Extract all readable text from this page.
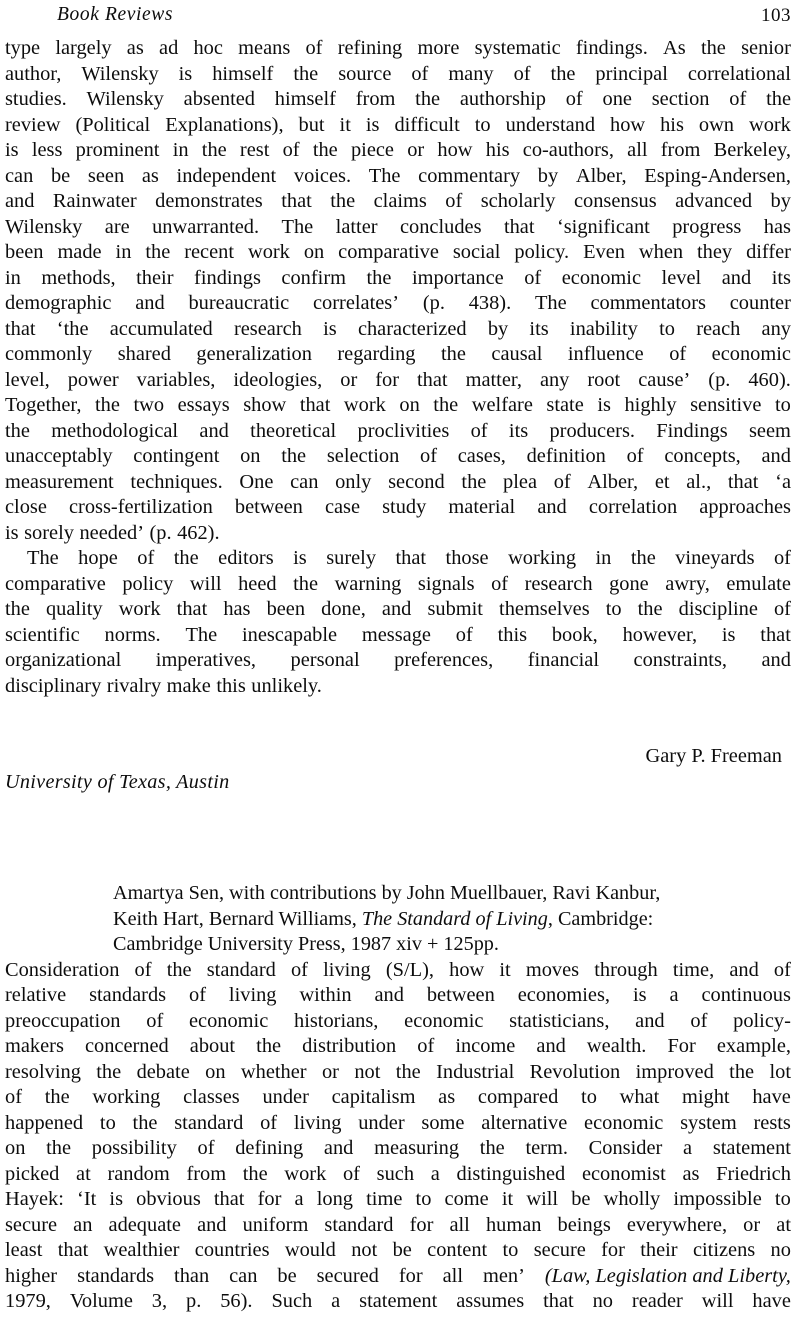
Book Reviews	103
type largely as ad hoc means of refining more systematic findings. As the senior
author, Wilensky is himself the source of many of the principal correlational
studies. Wilensky absented himself from the authorship of one section of the
review (Political Explanations), but it is difficult to understand how his own work
is less prominent in the rest of the piece or how his co-authors, all from Berkeley,
can be seen as independent voices. The commentary by Alber, Esping-Andersen,
and Rainwater demonstrates that the claims of scholarly consensus advanced by
Wilensky are unwarranted. The latter concludes that ‘significant progress has
been made in the recent work on comparative social policy. Even when they differ
in methods, their findings confirm the importance of economic level and its
demographic and bureaucratic correlates’ (p. 438). The commentators counter
that ‘the accumulated research is characterized by its inability to reach any
commonly shared generalization regarding the causal influence of economic
level, power variables, ideologies, or for that matter, any root cause’ (p. 460).
Together, the two essays show that work on the welfare state is highly sensitive to
the methodological and theoretical proclivities of its producers. Findings seem
unacceptably contingent on the selection of cases, definition of concepts, and
measurement techniques. One can only second the plea of Alber, et al., that ‘a
close cross-fertilization between case study material and correlation approaches
is sorely needed’ (p. 462).
The hope of the editors is surely that those working in the vineyards of
comparative policy will heed the warning signals of research gone awry, emulate
the quality work that has been done, and submit themselves to the discipline of
scientific norms. The inescapable message of this book, however, is that
organizational imperatives, personal preferences, financial constraints, and
disciplinary rivalry make this unlikely.
Gary P. Freeman
University of Texas, Austin
Amartya Sen, with contributions by John Muellbauer, Ravi Kanbur,
Keith Hart, Bernard Williams, The Standard of Living, Cambridge:
Cambridge University Press, 1987 xiv + 125pp.
Consideration of the standard of living (S/L), how it moves through time, and of
relative standards of living within and between economies, is a continuous
preoccupation of economic historians, economic statisticians, and of policy-
makers concerned about the distribution of income and wealth. For example,
resolving the debate on whether or not the Industrial Revolution improved the lot
of the working classes under capitalism as compared to what might have
happened to the standard of living under some alternative economic system rests
on the possibility of defining and measuring the term. Consider a statement
picked at random from the work of such a distinguished economist as Friedrich
Hayek: ‘It is obvious that for a long time to come it will be wholly impossible to
secure an adequate and uniform standard for all human beings everywhere, or at
least that wealthier countries would not be content to secure for their citizens no
higher standards than can be secured for all men’ (Law, Legislation and Liberty,
1979, Volume 3, p. 56). Such a statement assumes that no reader will have
